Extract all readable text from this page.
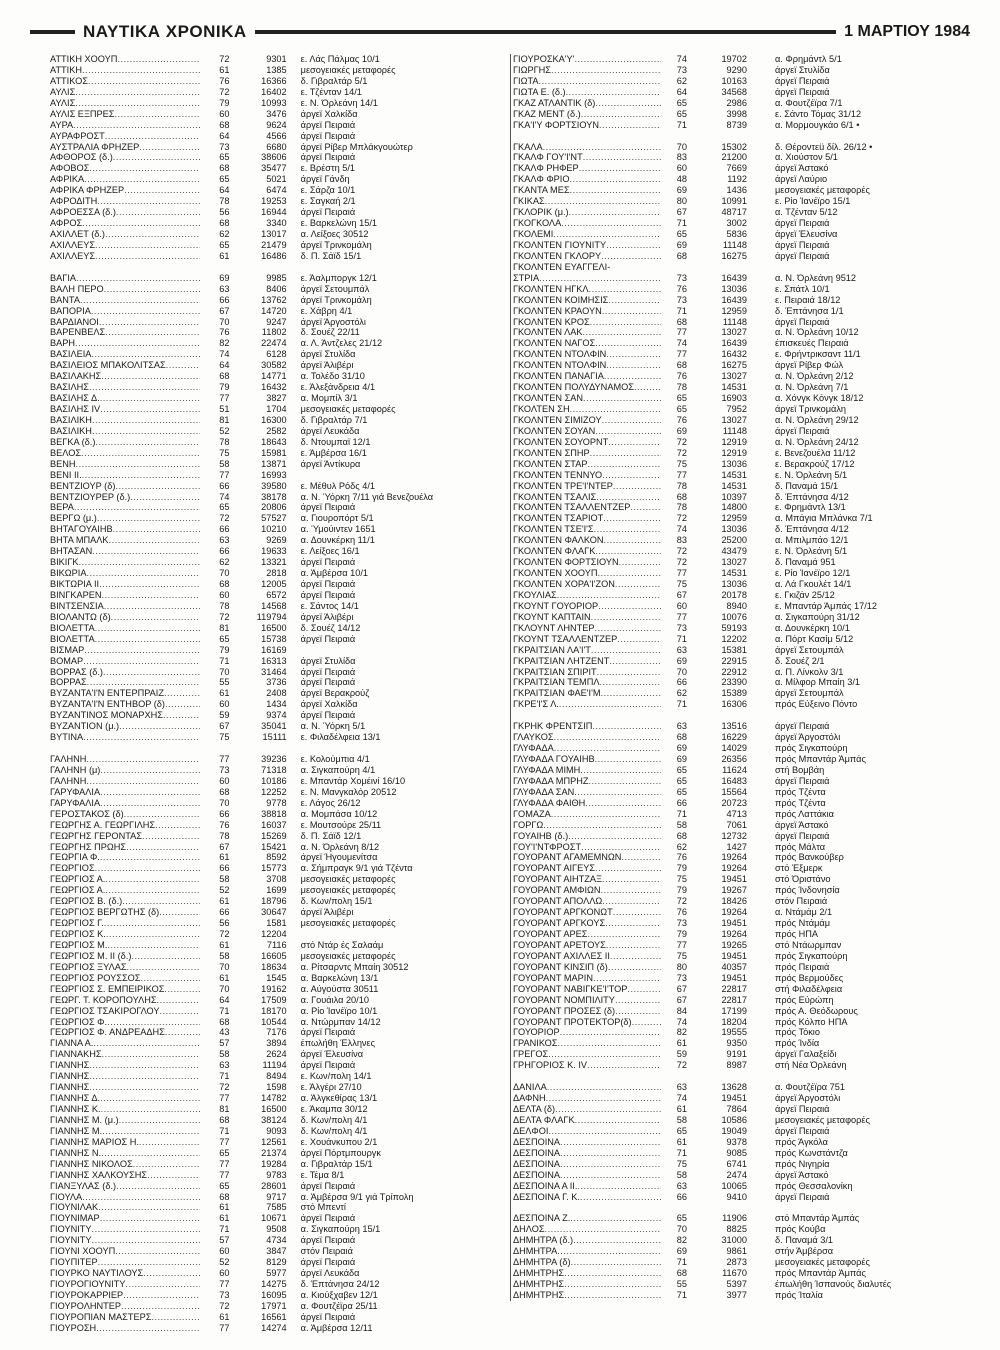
ΝΑΥΤΙΚΑ ΧΡΟΝΙΚΑ	1 ΜΑΡΤΙΟΥ 1984
ΑΤΤΙΚΗ ΧΟΟΥΠ .....	72	9301	ε. Λάς Πάλμας 10/1
ΑΤΤΙΚΗ .....	61	1385	μεσογειακές μεταφορές
ΑΤΤΙΚΟΣ .....	76	16366	δ. Γιβραλτάρ 5/1
ΑΥΛΙΣ .....	72	16402	ε. Τζένταν 14/1
ΑΥΛΙΣ .....	79	10993	ε. Ν. Όρλεάνη 14/1
ΑΥΛΙΣ ΕΞΠΡΕΣ .....	60	3476	άργεϊ Χαλκίδα
ΑΥΡΑ .....	68	9624	άργεϊ Πειραιά
ΑΥΡΑΦΡΟΣΤ .....	64	4566	άργεϊ Πειραιά
ΑΥΣΤΡΑΛΙΑ ΦΡΗΖΕΡ .....	73	6680	άργεϊ Ρίβερ Μπλάκγουώτερ
ΑΦΘΟΡΟΣ (δ.) .....	65	38606	άργεϊ Πειραιά
ΑΦΟΒΟΣ .....	68	35477	ε. Βρέστη 5/1
ΑΦΡΙΚΑ .....	65	5021	άργεϊ Γάνδη
ΑΦΡΙΚΑ ΦΡΗΖΕΡ .....	64	6474	ε. Σάρζα 10/1
ΑΦΡΟΔΙΤΗ .....	78	19253	ε. Σαγκαή 2/1
ΑΦΡΟΕΣΣΑ (δ.) .....	56	16944	άργεϊ Πειραιά
ΑΦΡΟΣ .....	68	3340	ε. Βαρκελώνη 15/1
ΑΧΙΛΛΕΤ (δ.) .....	62	13017	α. Λείξοες 30512
ΑΧΙΛΛΕΥΣ .....	65	21479	άργεϊ Τρινκομάλη
ΑΧΙΛΛΕΥΣ .....	61	16486	δ. Π. Σάϊδ 15/1
ΒΑΓΙΑ .....	69	9985	ε. Άαλμποργκ 12/1
ΒΑΛΗ ΠΕΡΟ .....	63	8406	άργεϊ Σετουμπάλ
ΒΑΝΤΑ .....	66	13762	άργεϊ Τρινκομάλη
ΒΑΠΟΡΙΑ .....	67	14720	ε. Χάβρη 4/1
ΒΑΡΔΙΑΝΟΙ .....	70	9247	άργεϊ Άργοστόλι
ΒΑΡΕΝΒΕΛΣ .....	76	11802	δ. Σουέζ 22/11
ΒΑΡΗ .....	82	22474	α. Λ. Άντζελες 21/12
ΒΑΣΙΛΕΙΑ .....	74	6128	άργεϊ Στυλίδα
ΒΑΣΙΛΕΙΟΣ ΜΠΑΚΟΛΙΤΣΑΣ .....	64	30582	άργεϊ Άλιβέρι
ΒΑΣΙΛΑΚΗΣ .....	68	14771	α. Τολέδο 31/10
ΒΑΣΙΛΗΣ .....	79	16432	ε. Άλεξάνδρεια 4/1
ΒΑΣΙΛΗΣ Δ. .....	77	3827	α. Μομπίλ 3/1
ΒΑΣΙΛΗΣ IV .....	51	1704	μεσογειακές μεταφορές
ΒΑΣΙΛΙΚΗ .....	81	16300	δ. Γιβραλτάρ 7/1
ΒΑΣΙΛΙΚΗ .....	52	2582	άργεϊ Λευκάδα
ΒΕΓΚΑ (δ.) .....	78	18643	δ. Ντουμπαϊ 12/1
ΒΕΛΟΣ .....	75	15981	ε. Άμβέρσα 16/1
ΒΕΝΗ .....	58	13871	άργεϊ Άντίκυρα
ΒΕΝΙ ΙΙ. .....	77	16993
ΒΕΝΤΖΙΟΥΡ (δ) .....	66	39580	ε. Μέθυλ Ρόδς 4/1
ΒΕΝΤΖΙΟΥΡΕΡ (δ.) .....	74	38178	α. Ν. Ύόρκη 7/11 γιά Βενεζουέλα
ΒΕΡΑ .....	65	20806	άργεϊ Πειραιά
ΒΕΡΓΩ (μ.) .....	72	57527	α. Γιουροπόρτ 5/1
ΒΗΤΑΓΟΥΑΙΗΒ .....	66	10210	α. Ύμούιντεν 1651
ΒΗΤΑ ΜΠΑΛΚ .....	63	9269	α. Δουνκέρκη 11/1
ΒΗΤΑΣΑΝ .....	66	19633	ε. Λείξοες 16/1
ΒΙΚΙΓΚ .....	62	13321	άργεϊ Πειραιά
ΒΙΚΩΡΙΑ .....	70	2818	α. Άμβέρσα 10/1
ΒΙΚΤΩΡΙΑ ΙΙ .....	68	12005	άργεϊ Πειραιά
ΒΙΝΓΚΑΡΕΝ .....	60	6572	άργεϊ Πειραιά
ΒΙΝΤΣΕΝΣΙΑ .....	78	14568	ε. Σάντος 14/1
ΒΙΟΛΑΝΤΩ (δ) .....	72	119794	άργεϊ Άλιβέρι
ΒΙΟΛΕΤΤΑ .....	81	16500	δ. Σουέζ 14/12
ΒΙΟΛΕΤΤΑ .....	65	15738	άργεϊ Πειραιά
ΒΙΣΜΑΡ .....	79	16169
ΒΟΜΑΡ .....	71	16313	άργεϊ Στυλίδα
ΒΟΡΡΑΣ (δ.) .....	70	31464	άργεϊ Πειραιά
ΒΟΡΡΑΣ .....	55	3736	άργεϊ Πειραιά
ΒΥΖΑΝΤΑ'Ι'Ν ΕΝΤΕΡΠΡΑΙΖ .....	61	2408	άργεϊ Βερακρούζ
ΒΥΖΑΝΤΑ'Ι'Ν ΕΝΤΗΒΟΡ (δ) .....	60	1434	άργεϊ Χαλκίδα
ΒΥΖΑΝΤΙΝΟΣ ΜΟΝΑΡΧΗΣ .....	59	9374	άργεϊ Πειραιά
ΒΥΖΑΝΤΙΟΝ (μ.) .....	67	35041	α. Ν. Ύόρκη 5/1
ΒΥΤΙΝΑ .....	75	15111	ε. Φιλαδέλφεια 13/1
ΓΑΛΗΝΗ .....	77	39236	ε. Κολούμπια 4/1
ΓΑΛΗΝΗ (μ) .....	73	71318	α. Σιγκαπούρη 4/1
ΓΑΛΗΝΗ .....	60	10186	ε. Μπαντάρ Χομέινί 16/10
ΓΑΡΥΦΑΛΙΑ .....	68	12252	ε. Ν. Μανγκαλόρ 20512
ΓΑΡΥΦΑΛΙΑ .....	70	9778	ε. Λάγος 26/12
ΓΕΡΟΣΤΑΚΟΣ (δ) .....	66	38818	α. Μομπάσα 10/12
ΓΕΩΡΓΗΣ Α. ΓΕΩΡΓΙΛΗΣ .....	76	16037	ε. Μουτσούρε 25/11
ΓΕΩΡΓΗΣ ΓΕΡΟΝΤΑΣ .....	78	15269	δ. Π. Σάϊδ 12/1
ΓΕΩΡΓΗΣ ΠΡΩΗΣ .....	67	15421	α. Ν. Όρλεάνη 8/12
ΓΕΩΡΓΙΑ Φ. .....	61	8592	άργεϊ Ήγουμενίτσα
ΓΕΩΡΓΙΟΣ .....	66	15773	α. Σήμπραγκ 9/1 γιά Τζέντα
ΓΕΩΡΓΙΟΣ Α. .....	58	3708	μεσογειακές μεταφορές
ΓΕΩΡΓΙΟΣ Α. .....	52	1699	μεσογειακές μεταφορές
ΓΕΩΡΓΙΟΣ Β. (δ.) .....	61	18796	δ. Κων/πολη 15/1
ΓΕΩΡΓΙΟΣ ΒΕΡΓΩΤΗΣ (δ) .....	66	30647	άργεϊ Άλιβέρι
ΓΕΩΡΓΙΟΣ Γ. .....	56	1581	μεσογειακές μεταφορές
ΓΕΩΡΓΙΟΣ Κ. .....	72	12204
ΓΕΩΡΓΙΟΣ Μ. .....	61	7116	στό Ντάρ ές Σαλαάμ
ΓΕΩΡΓΙΟΣ Μ. ΙΙ (δ.) .....	58	16605	μεσογειακές μεταφορές
ΓΕΩΡΓΙΟΣ ΞΥΛΑΣ .....	70	18634	α. Ρίτσαρντς Μπαίη 30512
ΓΕΩΡΓΙΟΣ ΡΟΥΣΣΟΣ .....	61	1545	α. Βαρκελώνη 13/1
ΓΕΩΡΓΙΟΣ Σ. ΕΜΠΕΙΡΙΚΟΣ .....	70	19162	α. Αύγούστα 30511
ΓΕΩΡΓ. Τ. ΚΟΡΟΠΟΥΛΗΣ .....	64	17509	α. Γουάιλα 20/10
ΓΕΩΡΓΙΟΣ ΤΣΑΚΙΡΟΓΛΟΥ .....	71	18170	α. Ρίο Ίανέϊρο 10/1
ΓΕΩΡΓΙΟΣ Φ. .....	68	10544	α. Ντώρμπαν 14/12
ΓΕΩΡΓΙΟΣ Φ. ΑΝΔΡΕΑΔΗΣ .....	43	7176	άργεϊ Πειραιά
ΓΙΑΝΝΑ Α. .....	57	3894	έπωλήθη Έλληνες
ΓΙΑΝΝΑΚΗΣ .....	58	2624	άργεϊ Έλευσίνα
ΓΙΑΝΝΗΣ .....	63	11194	άργεϊ Πειραιά
ΓΙΑΝΝΗΣ .....	71	8494	ε. Κων/πολη 14/1
ΓΙΑΝΝΗΣ .....	72	1598	ε. Άλγέρι 27/10
ΓΙΑΝΝΗΣ Δ. .....	77	14782	α. Άλγκεθίρας 13/1
ΓΙΑΝΝΗΣ Κ. .....	81	16500	ε. Άκαμπα 30/12
ΓΙΑΝΝΗΣ Μ. (μ.) .....	68	38124	δ. Κων/πολη 4/1
ΓΙΑΝΝΗΣ Μ. .....	71	9093	δ. Κων/πολη 4/1
ΓΙΑΝΝΗΣ ΜΑΡΙΟΣ Η. .....	77	12561	ε. Χουάνκυπου 2/1
ΓΙΑΝΝΗΣ Ν. .....	65	21374	άργεϊ Πόρτμπουργκ
ΓΙΑΝΝΗΣ ΝΙΚΟΛΟΣ .....	77	19284	α. Γιβραλτάρ 15/1
ΓΙΑΝΝΗΣ ΧΑΛΚΟΥΣΗΣ .....	77	9783	ε. Τέμα 8/1
ΓΙΑΝΞΥΛΑΣ (δ.) .....	65	28601	άργεϊ Πειραιά
ΓΙΟΥΛΑ .....	68	9717	α. Άμβέρσα 9/1 γιά Τρίπολη
ΓΙΟΥΝΙΛΑΚ .....	61	7585	στό Μπεντί
ΓΙΟΥΝΙΜΑΡ .....	61	10671	άργεϊ Πειραιά
ΓΙΟΥΝΙΤΥ .....	71	9508	α. Σιγκαπούρη 15/1
ΓΙΟΥΝΙΤΥ .....	57	4734	άργεϊ Πειραιά
ΓΙΟΥΝΙ ΧΟΟΥΠ .....	60	3847	στόν Πειραιά
ΓΙΟΥΠΙΤΕΡ .....	52	8129	άργεϊ Πειραιά
ΓΙΟΥΡΚΟ ΝΑΥΤΙΛΟΥΣ .....	60	5977	άργεϊ Λευκάδα
ΓΙΟΥΡΟΓΙΟΥΝΙΤΥ .....	77	14275	δ. Έπτάνησα 24/12
ΓΙΟΥΡΟΚΑΡΡΙΕΡ .....	73	16095	α. Κιούξχαβεν 12/1
ΓΙΟΥΡΟΛΗΝΤΕΡ .....	72	17971	α. Φουτζέϊρα 25/11
ΓΙΟΥΡΟΠΙΑΝ ΜΑΣΤΕΡΣ .....	61	16561	άργεϊ Πειραιά
ΓΙΟΥΡΟΣΗ .....	77	14274	α. Άμβέρσα 12/11
ΓΙΟΥΡΟΣΚΑ'Υ' .....	74	19702	α. Φρημάντλ 5/1
ΓΙΩΡΓΗΣ .....	73	9290	άργεϊ Στυλίδα
ΓΙΩΤΑ .....	62	10163	άργεϊ Πειραιά
ΓΙΩΤΑ Ε. (δ.) .....	64	34568	άργεϊ Πειραιά
ΓΚΑΖ ΑΤΛΑΝΤΙΚ (δ) .....	65	2986	α. Φουτζέϊρα 7/1
ΓΚΑΖ ΜΕΝΤ (δ.) .....	65	3998	ε. Σάντο Τόμας 31/12
ΓΚΑ'Ι'Υ ΦΟΡΤΣΙΟΥΝ .....	71	8739	α. Μορμουγκάο 6/1 •
ΓΚΑΛΑ .....	70	15302	δ. Θέροντεü δίλ. 26/12 •
ΓΚΑΛΦ ΓΟΥ'Ι'ΝΤ .....	83	21200	α. Χιούστον 5/1
ΓΚΑΛΦ ΡΗΦΕΡ .....	60	7669	άργεϊ Άστακό
ΓΚΑΛΦ ΦΡΙΟ .....	48	1192	άργεϊ Λαύριο
ΓΚΑΝΤΑ ΜΕΣ .....	69	1436	μεσογειακές μεταφορές
ΓΚΙΚΑΣ .....	80	10991	ε. Ρίο Ίανέϊρο 15/1
ΓΚΛΟΡΙΚ (μ.) .....	67	48717	α. Τζένταν 5/12
ΓΚΟΓΚΟΛΑ .....	71	3002	άργεϊ Πειραιά
ΓΚΟΛΕΜΙ .....	65	5836	άργεϊ Έλευσίνα
ΓΚΟΛΝΤΕΝ ΓΙΟΥΝΙΤΥ .....	69	11148	άργεϊ Πειραιά
ΓΚΟΛΝΤΕΝ ΓΚΛΟΡΥ .....	68	16275	άργεϊ Πειραιά
ΓΚΟΛΝΤΕΝ ΕΥΑΓΓΕΛΙ-
ΣΤΡΙΑ .....	73	16439	α. Ν. Όρλεάνη 9512
ΓΚΟΛΝΤΕΝ ΗΓΚΛ .....	76	13036	ε. Σπάτλ 10/1
ΓΚΟΛΝΤΕΝ ΚΟΙΜΗΣΙΣ .....	73	16439	ε. Πειραιά 18/12
ΓΚΟΛΝΤΕΝ ΚΡΑΟΥΝ .....	71	12959	δ. Έπτάνησα 1/1
ΓΚΟΛΝΤΕΝ ΚΡΟΣ .....	68	11148	άργεϊ Πειραιά
ΓΚΟΛΝΤΕΝ ΛΑΚ .....	77	13027	α. Ν. Όρλεάνη 10/12
ΓΚΟΛΝΤΕΝ ΝΑΓΟΣ .....	74	16439	έπισκευές Πειραιά
ΓΚΟΛΝΤΕΝ ΝΤΟΛΦΙΝ .....	77	16432	ε. Φρήντρικσαντ 11/1
ΓΚΟΛΝΤΕΝ ΝΤΟΛΦΙΝ .....	68	16275	άργεϊ Ρίβερ Φώλ
ΓΚΟΛΝΤΕΝ ΠΑΝΑΓΙΑ .....	76	13027	α. Ν. Όρλεάνη 2/12
ΓΚΟΛΝΤΕΝ ΠΟΛΥΔΥΝΑΜΟΣ .....	78	14531	α. Ν. Όρλεάνη 7/1
ΓΚΟΛΝΤΕΝ ΣΑΝ .....	65	16903	α. Χόνγκ Κόνγκ 18/12
ΓΚΟΛΤΕΝ ΣΗ .....	65	7952	άργεϊ Τρινκομάλη
ΓΚΟΛΝΤΕΝ ΣΙΜΙΖΟΥ .....	76	13027	α. Ν. Όρλεάνη 29/12
ΓΚΟΛΝΤΕΝ ΣΟΥΑΝ .....	69	11148	άργεϊ Πειραιά
ΓΚΟΛΝΤΕΝ ΣΟΥΟΡΝΤ .....	72	12919	α. Ν. Όρλεάνη 24/12
ΓΚΟΛΝΤΕΝ ΣΠΗΡ .....	72	12919	ε. Βενεζουέλα 11/12
ΓΚΟΛΝΤΕΝ ΣΤΑΡ .....	75	13036	ε. Βερακρούζ 17/12
ΓΚΟΛΝΤΕΝ ΤΕΝΝΥΟ .....	77	14531	ε. Ν. Όρλεάνη 5/1
ΓΚΟΛΝΤΕΝ ΤΡΕ'Ι'ΝΤΕΡ .....	78	14531	δ. Παναμά 15/1
ΓΚΟΛΝΤΕΝ ΤΣΑΛΙΣ .....	68	10397	δ. Έπτάνησα 4/12
ΓΚΟΛΝΤΕΝ ΤΣΑΛΛΕΝΤΖΕΡ .....	78	14800	ε. Φρημάντλ 13/1
ΓΚΟΛΝΤΕΝ ΤΣΑΡΙΟΤ .....	72	12959	α. Μπάγια Μπλάνκα 7/1
ΓΚΟΛΝΤΕΝ ΤΣΕ'Ι'Σ .....	74	13036	δ. Έπτάνησα 4/12
ΓΚΟΛΝΤΕΝ ΦΑΛΚΟΝ .....	83	25200	α. Μπιλμπάο 12/1
ΓΚΟΛΝΤΕΝ ΦΛΑΓΚ .....	72	43479	ε. Ν. Όρλεάνη 5/1
ΓΚΟΛΝΤΕΝ ΦΟΡΤΣΙΟΥΝ .....	72	13027	δ. Παναμά 951
ΓΚΟΛΝΤΕΝ ΧΟΟΥΠ .....	77	14531	ε. Ρίο Ίανέϊρο 12/1
ΓΚΟΛΝΤΕΝ ΧΟΡΑ'Ι'ΖΟΝ .....	75	13036	α. Λά Γκουλέτ 14/1
ΓΚΟΥΛΙΑΣ .....	67	20178	ε. Γκιζάν 25/12
ΓΚΟΥΝΤ ΓΟΥΟΡΙΟΡ .....	60	8940	ε. Μπαντάρ Άμπάς 17/12
ΓΚΟΥΝΤ ΚΑΠΤΑΙΝ .....	77	10076	α. Σιγκαπούρη 31/12
ΓΚΛΟΥΝΤ ΛΗΝΤΕΡ .....	73	59193	α. Δουνκέρκη 10/1
ΓΚΟΥΝΤ ΤΣΑΛΛΕΝΤΖΕΡ .....	71	12202	α. Πόρτ Κασίμ 5/12
ΓΚΡΑΙΤΣΙΑΝ ΛΑ'Ι'Τ .....	63	15381	άργεϊ Σετουμπάλ
ΓΚΡΑΙΤΣΙΑΝ ΛΗΤΖΕΝΤ .....	69	22915	δ. Σουέζ 2/1
ΓΚΡΑΙΤΣΙΑΝ ΣΠΙΡΙΤ .....	70	22912	α. Π. Λίνκολν 3/1
ΓΚΡΑΙΤΣΙΑΝ ΤΕΜΠΛ .....	66	23390	α. Μίλφορ Μπαίη 3/1
ΓΚΡΑΙΤΣΙΑΝ ΦΑΕ'Ι'Μ .....	62	15389	άργεϊ Σετουμπάλ
ΓΚΡΕ'Ι'Σ Λ. .....	71	16306	πρός Εύξεινο Πόντο
ΓΚΡΗΚ ΦΡΕΝΤΣΙΠ .....	63	13516	άργεϊ Πειραιά
ΓΛΑΥΚΟΣ .....	68	16229	άργεϊ Άργοστόλι
ΓΛΥΦΑΔΑ .....	69	14029	πρός Σιγκαπούρη
ΓΛΥΦΑΔΑ ΓΟΥΑΙΗΒ .....	69	26356	πρός Μπαντάρ Άμπάς
ΓΛΥΦΑΔΑ ΜΙΜΗ .....	65	11624	στή Βομβάη
ΓΛΥΦΑΔΑ ΜΠΡΗΖ .....	65	16483	άργεϊ Πειραιά
ΓΛΥΦΑΔΑ ΣΑΝ .....	65	15564	πρός Τζέντα
ΓΛΥΦΑΔΑ ΦΑΙΘΗ .....	66	20723	πρός Τζέντα
ΓΟΜΑΖΑ .....	71	4713	πρός Λαττάκια
ΓΟΡΓΩ .....	58	7061	άργεϊ Άστακό
ΓΟΥΑΙΗΒ (δ.) .....	68	12732	άργεϊ Πειραιά
ΓΟΥ'Ι'ΝΤΦΡΟΣΤ .....	62	1427	πρός Μάλτα
ΓΟΥΟΡΑΝΤ ΑΓΑΜΕΜΝΩΝ .....	76	19264	πρός Βανκούβερ
ΓΟΥΟΡΑΝΤ ΑΙΓΕΥΣ .....	79	19264	στό Έξμερκ
ΓΟΥΟΡΑΝΤ ΑΙΗΤΖΑΞ .....	75	19451	στό Όριστάνο
ΓΟΥΟΡΑΝΤ ΑΜΦΙΩΝ .....	79	19267	πρός Ίνδονησία
ΓΟΥΟΡΑΝΤ ΑΠΟΛΛΩ .....	72	18426	στόν Πειραιά
ΓΟΥΟΡΑΝΤ ΑΡΓΚΟΝΩΤ .....	76	19264	α. Ντάμάμ 2/1
ΓΟΥΟΡΑΝΤ ΑΡΓΚΟΥΣ .....	73	19451	πρός Ντάμάμ
ΓΟΥΟΡΑΝΤ ΑΡΕΣ .....	79	19264	πρός ΗΠΑ
ΓΟΥΟΡΑΝΤ ΑΡΕΤΟΥΣ .....	77	19265	στό Ντάωρμπαν
ΓΟΥΟΡΑΝΤ ΑΧΙΛΛΕΣ ΙΙ .....	75	19451	πρός Σιγκαπούρη
ΓΟΥΟΡΑΝΤ ΚΙΝΣΙΠ (δ) .....	80	40357	πρός Πειραιά
ΓΟΥΟΡΑΝΤ ΜΑΡΙΝ .....	73	19451	πρός Βερμούδες
ΓΟΥΟΡΑΝΤ ΝΑΒΙΓΚΕ'Ι'ΤΟΡ .....	67	22817	στή Φιλαδέλφεια
ΓΟΥΟΡΑΝΤ ΝΟΜΠΙΛΙΤΥ .....	67	22817	πρός Εύρώπη
ΓΟΥΟΡΑΝΤ ΠΡΟΣΕΣ (δ) .....	84	17199	πρός Α. Θεόδωρους
ΓΟΥΟΡΑΝΤ ΠΡΟΤΕΚΤΟΡ(δ) .....	74	18204	πρός Κόλπο ΗΠΑ
ΓΟΥΟΡΙΟΡ .....	82	19555	πρός Τόκιο
ΓΡΑΝΙΚΟΣ .....	61	9350	πρός Ίνδία
ΓΡΕΓΟΣ .....	59	9191	άργεϊ Γαλαξείδι
ΓΡΗΓΟΡΙΟΣ Κ. ΙV .....	72	8987	στή Νέα Όρλεάνη
ΔΑΝΙΛΑ .....	63	13628	α. Φουτζέϊρα 751
ΔΑΦΝΗ .....	74	19451	άργεϊ Άργοστόλι
ΔΕΛΤΑ (δ) .....	61	7864	άργεϊ Πειραιά
ΔΕΛΤΑ ΦΛΑΓΚ .....	58	10586	μεσογειακές μεταφορές
ΔΕΛΦΟΙ .....	65	19049	άργεϊ Πειραιά
ΔΕΣΠΟΙΝΑ .....	61	9378	πρός Άγκόλα
ΔΕΣΠΟΙΝΑ .....	71	9085	πρός Κωνστάντζα
ΔΕΣΠΟΙΝΑ .....	75	6741	πρός Νιγηρία
ΔΕΣΠΟΙΝΑ .....	58	2474	άργεϊ Άστακό
ΔΕΣΠΟΙΝΑ Α ΙΙ. .....	63	10065	πρός Θεσσαλονίκη
ΔΕΣΠΟΙΝΑ Γ. Κ. .....	66	9410	άργεϊ Πειραιά
ΔΕΣΠΟΙΝΑ Ζ. .....	65	11906	στό Μπαντάρ Άμπάς
ΔΗΛΟΣ .....	70	8825	πρός Κούβα
ΔΗΜΗΤΡΑ (δ.) .....	82	31000	δ. Παναμά 3/1
ΔΗΜΗΤΡΑ .....	69	9861	στήν Άμβέρσα
ΔΗΜΗΤΡΑ (δ) .....	71	2873	μεσογειακές μεταφορές
ΔΗΜΗΤΡΗΣ .....	68	11670	πρός Μπαντάρ Άμπάς
ΔΗΜΗΤΡΗΣ .....	55	5397	έπωλήθη Ίσπανούς διαλυτές
ΔΗΜΗΤΡΗΣ .....	71	3977	πρός Ίταλία
